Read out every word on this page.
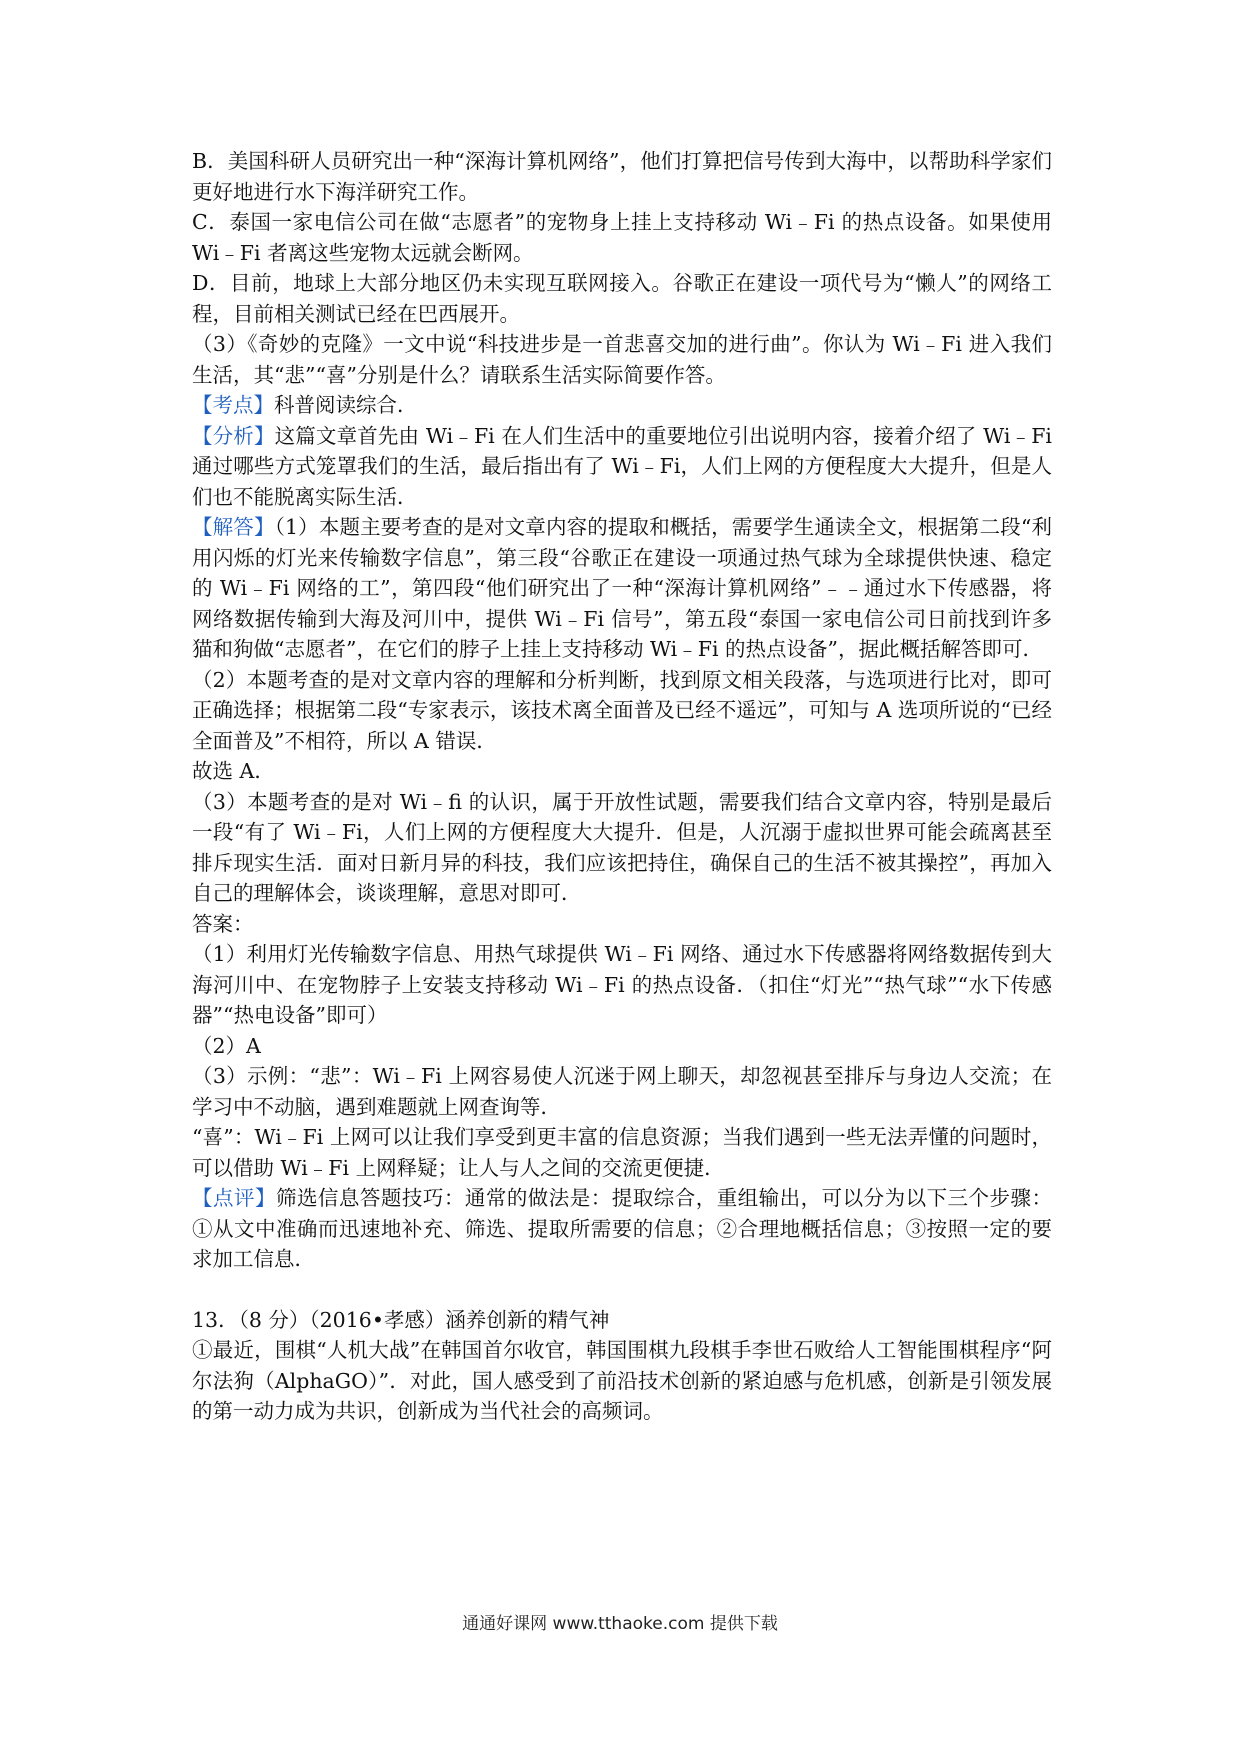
B．美国科研人员研究出一种“深海计算机网络”，他们打算把信号传到大海中，以帮助科学家们更好地进行水下海洋研究工作。

C．泰国一家电信公司在做“志愿者”的宠物身上挂上支持移动 Wi﹣Fi 的热点设备。如果使用 Wi﹣Fi 者离这些宠物太远就会断网。

D．目前，地球上大部分地区仍未实现互联网接入。谷歌正在建设一项代号为“懒人”的网络工程，目前相关测试已经在巴西展开。

（3）《奇妙的克隆》一文中说“科技进步是一首悲喜交加的进行曲”。你认为 Wi﹣Fi 进入我们生活，其“悲”“喜”分别是什么？请联系生活实际简要作答。

【考点】科普阅读综合．

【分析】这篇文章首先由 Wi﹣Fi 在人们生活中的重要地位引出说明内容，接着介绍了 Wi﹣Fi 通过哪些方式笼罩我们的生活，最后指出有了 Wi﹣Fi，人们上网的方便程度大大提升，但是人们也不能脱离实际生活．

【解答】（1）本题主要考查的是对文章内容的提取和概括，需要学生通读全文，根据第二段“利用闪烁的灯光来传输数字信息”，第三段“谷歌正在建设一项通过热气球为全球提供快速、稳定的 Wi﹣Fi 网络的工”，第四段“他们研究出了一种“深海计算机网络”﹣﹣通过水下传感器，将网络数据传输到大海及河川中，提供 Wi﹣Fi 信号”，第五段“泰国一家电信公司日前找到许多猫和狗做“志愿者”，在它们的脖子上挂上支持移动 Wi﹣Fi 的热点设备”，据此概括解答即可．

（2）本题考查的是对文章内容的理解和分析判断，找到原文相关段落，与选项进行比对，即可正确选择；根据第二段“专家表示，该技术离全面普及已经不遥远”，可知与 A 选项所说的“已经全面普及”不相符，所以 A 错误．

故选 A．

（3）本题考查的是对 Wi﹣fi 的认识，属于开放性试题，需要我们结合文章内容，特别是最后一段“有了 Wi﹣Fi，人们上网的方便程度大大提升．但是，人沉溺于虚拟世界可能会疏离甚至排斥现实生活．面对日新月异的科技，我们应该把持住，确保自己的生活不被其操控”，再加入自己的理解体会，谈谈理解，意思对即可．

答案：

（1）利用灯光传输数字信息、用热气球提供 Wi﹣Fi 网络、通过水下传感器将网络数据传到大海河川中、在宠物脖子上安装支持移动 Wi﹣Fi 的热点设备．（扣住“灯光”“热气球”“水下传感器”“热电设备”即可）

（2）A

（3）示例：“悲”：Wi﹣Fi 上网容易使人沉迷于网上聊天，却忽视甚至排斥与身边人交流；在学习中不动脑，遇到难题就上网查询等．

“喜”：Wi﹣Fi 上网可以让我们享受到更丰富的信息资源；当我们遇到一些无法弄懂的问题时，可以借助 Wi﹣Fi 上网释疑；让人与人之间的交流更便捷．

【点评】筛选信息答题技巧：通常的做法是：提取综合，重组输出，可以分为以下三个步骤：①从文中准确而迅速地补充、筛选、提取所需要的信息；②合理地概括信息；③按照一定的要求加工信息．

13．（8 分）（2016•孝感）涵养创新的精气神

①最近，围棋“人机大战”在韩国首尔收官，韩国围棋九段棋手李世石败给人工智能围棋程序“阿尔法狗（AlphaGO）”．对此，国人感受到了前沿技术创新的紧迫感与危机感，创新是引领发展的第一动力成为共识，创新成为当代社会的高频词。

通通好课网 www.tthaoke.com 提供下载
